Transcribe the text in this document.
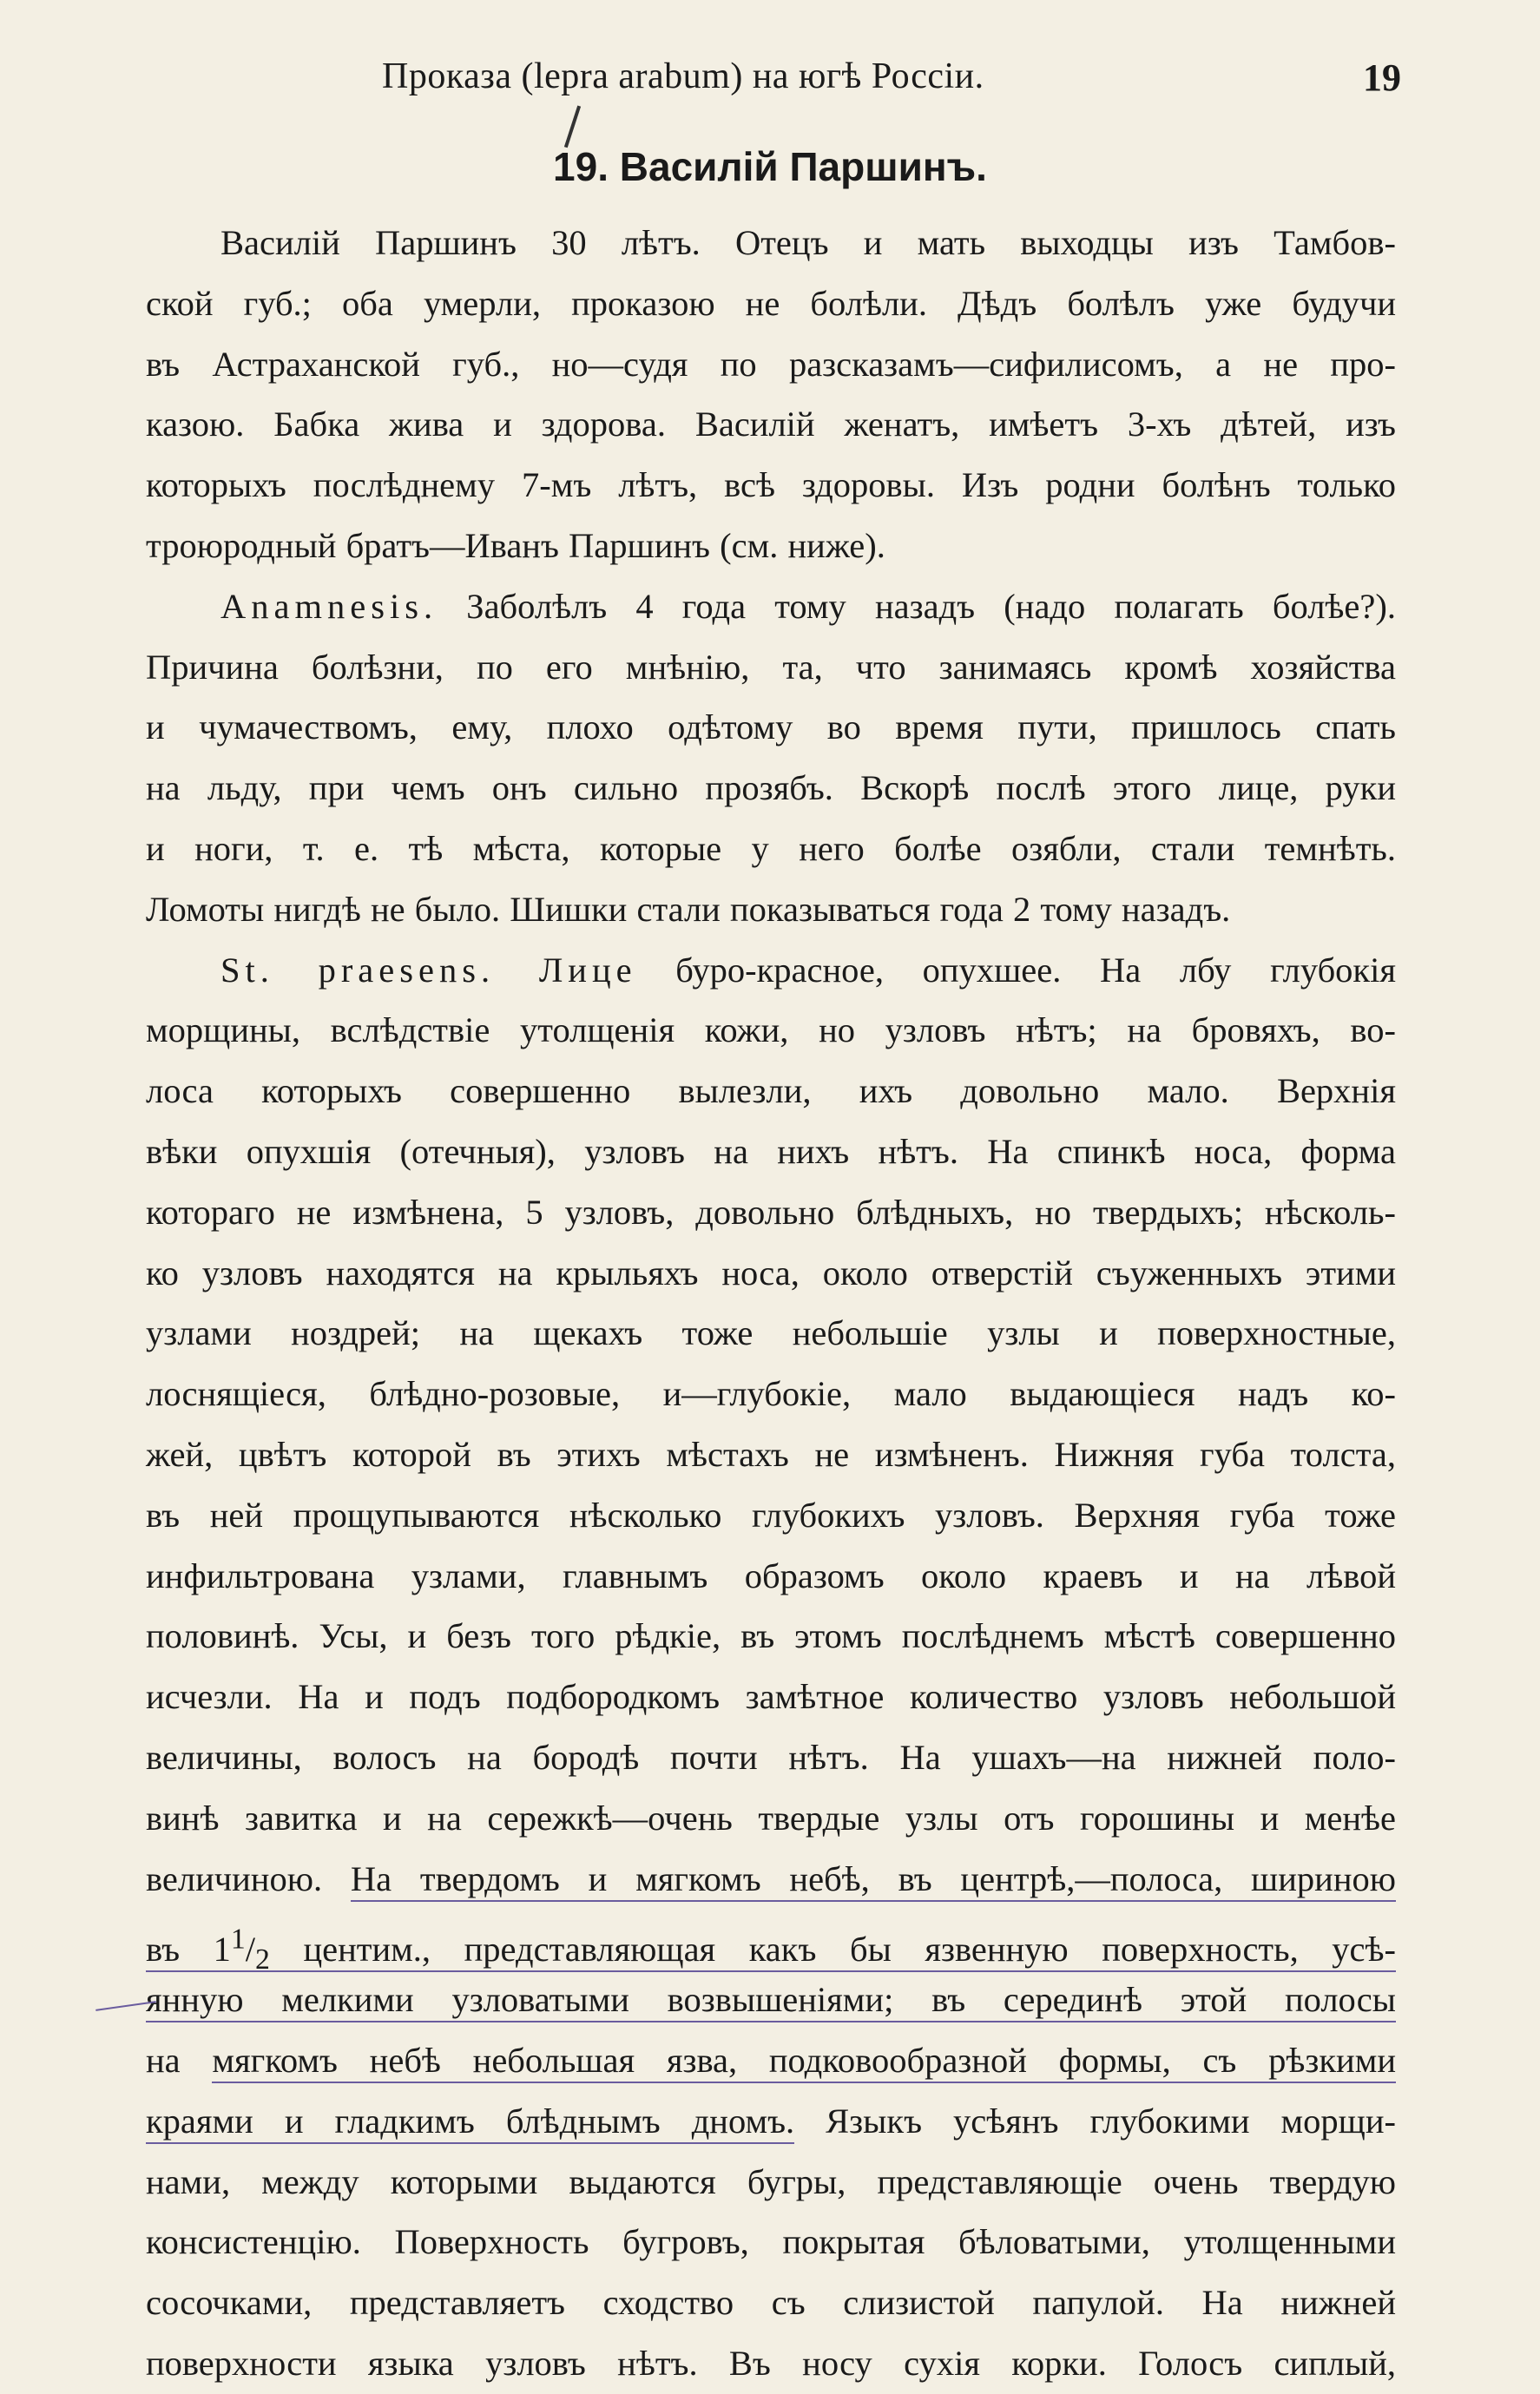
Проказа (lepra arabum) на югѣ Россіи.	19
19. Василій Паршинъ.
Василій Паршинъ 30 лѣтъ. Отецъ и мать выходцы изъ Тамбов-
ской губ.; оба умерли, проказою не болѣли. Дѣдъ болѣлъ уже будучи
въ Астраханской губ., но—судя по разсказамъ—сифилисомъ, а не про-
казою. Бабка жива и здорова. Василій женатъ, имѣетъ 3-хъ дѣтей, изъ
которыхъ послѣднему 7-мъ лѣтъ, всѣ здоровы. Изъ родни болѣнъ только
троюродный братъ—Иванъ Паршинъ (см. ниже).
Anamnesis. Заболѣлъ 4 года тому назадъ (надо полагать болѣе?).
Причина болѣзни, по его мнѣнію, та, что занимаясь кромѣ хозяйства
и чумачествомъ, ему, плохо одѣтому во время пути, пришлось спать
на льду, при чемъ онъ сильно прозябъ. Вскорѣ послѣ этого лице, руки
и ноги, т. е. тѣ мѣста, которые у него болѣе озябли, стали темнѣть.
Ломоты нигдѣ не было. Шишки стали показываться года 2 тому назадъ.
St. praesens. Лице буро-красное, опухшее. На лбу глубокія
морщины, вслѣдствіе утолщенія кожи, но узловъ нѣтъ; на бровяхъ, во-
лоса которыхъ совершенно вылезли, ихъ довольно мало. Верхнія
вѣки опухшія (отечныя), узловъ на нихъ нѣтъ. На спинкѣ носа, форма
котораго не измѣнена, 5 узловъ, довольно блѣдныхъ, но твердыхъ; нѣсколь-
ко узловъ находятся на крыльяхъ носа, около отверстій съуженныхъ этими
узлами ноздрей; на щекахъ тоже небольшіе узлы и поверхностные,
лоснящіеся, блѣдно-розовые, и—глубокіе, мало выдающіеся надъ ко-
жей, цвѣтъ которой въ этихъ мѣстахъ не измѣненъ. Нижняя губа толста,
въ ней прощупываются нѣсколько глубокихъ узловъ. Верхняя губа тоже
инфильтрована узлами, главнымъ образомъ около краевъ и на лѣвой
половинѣ. Усы, и безъ того рѣдкіе, въ этомъ послѣднемъ мѣстѣ совершенно
исчезли. На и подъ подбородкомъ замѣтное количество узловъ небольшой
величины, волосъ на бородѣ почти нѣтъ. На ушахъ—на нижней поло-
винѣ завитка и на сережкѣ—очень твердые узлы отъ горошины и менѣе
величиною. На твердомъ и мягкомъ небѣ, въ центрѣ,—полоса, шириною
въ $1^1/_2$ центим., представляющая какъ бы язвенную поверхность, усѣ-
янную мелкими узловатыми возвышеніями; въ серединѣ этой полосы
на мягкомъ небѣ небольшая язва, подковообразной формы, съ рѣзкими
краями и гладкимъ блѣднымъ дномъ. Языкъ усѣянъ глубокими морщи-
нами, между которыми выдаются бугры, представляющіе очень твердую
консистенцію. Поверхность бугровъ, покрытая бѣловатыми, утолщенными
сосочками, представляетъ сходство съ слизистой папулой. На нижней
поверхности языка узловъ нѣтъ. Въ носу сухія корки. Голосъ сиплый,
